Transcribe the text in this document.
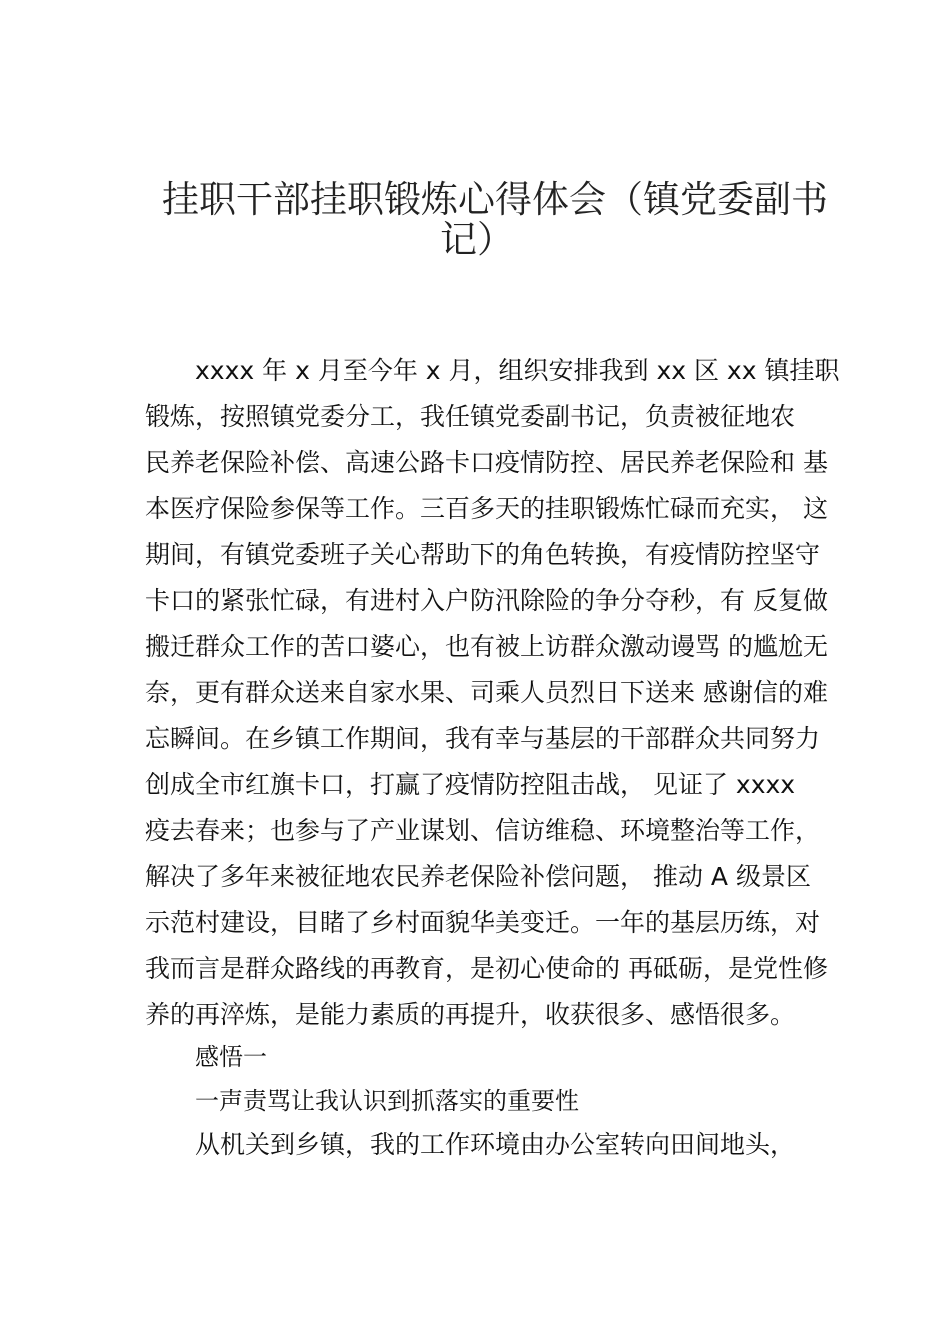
挂职干部挂职锻炼心得体会（镇党委副书
记）
xxxx 年 x 月至今年 x 月，组织安排我到 xx 区 xx 镇挂职
锻炼，按照镇党委分工，我任镇党委副书记，负责被征地农
民养老保险补偿、高速公路卡口疫情防控、居民养老保险和 基
本医疗保险参保等工作。三百多天的挂职锻炼忙碌而充实， 这
期间，有镇党委班子关心帮助下的角色转换，有疫情防控坚守
卡口的紧张忙碌，有进村入户防汛除险的争分夺秒，有 反复做
搬迁群众工作的苦口婆心，也有被上访群众激动谩骂 的尴尬无
奈，更有群众送来自家水果、司乘人员烈日下送来 感谢信的难
忘瞬间。在乡镇工作期间，我有幸与基层的干部群众共同努力
创成全市红旗卡口，打赢了疫情防控阻击战， 见证了 xxxx
疫去春来；也参与了产业谋划、信访维稳、环境整治等工作，
解决了多年来被征地农民养老保险补偿问题， 推动 A 级景区
示范村建设，目睹了乡村面貌华美变迁。一年的基层历练，对
我而言是群众路线的再教育，是初心使命的 再砥砺，是党性修
养的再淬炼，是能力素质的再提升，收获很多、感悟很多。
感悟一
一声责骂让我认识到抓落实的重要性
从机关到乡镇，我的工作环境由办公室转向田间地头，
